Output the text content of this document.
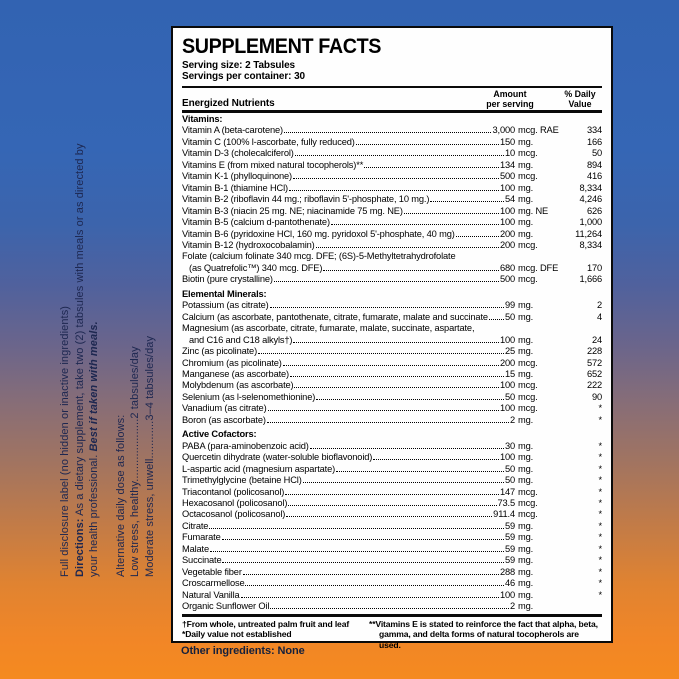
Full disclosure label (no hidden or inactive ingredients) Directions: As a dietary supplement, take two (2) tabsules with meals or as directed by your health professional. Best if taken with meals.
Alternative daily dose as follows: Low stress, healthy....................2 tabsules/day Moderate stress, unwell............3–4 tabsules/day
SUPPLEMENT FACTS
Serving size: 2 Tabsules
Servings per container: 30
Energized Nutrients
Amount
per serving
% Daily
Value
Vitamins:
Vitamin A (beta-carotene)	3,000 mcg. RAE	334
Vitamin C (100% l-ascorbate, fully reduced)	150 mg.	166
Vitamin D-3 (cholecalciferol)	10 mcg.	50
Vitamins E (from mixed natural tocopherols)**	134 mg.	894
Vitamin K-1 (phylloquinone)	500 mcg.	416
Vitamin B-1 (thiamine HCl)	100 mg.	8,334
Vitamin B-2 (riboflavin 44 mg.; riboflavin 5'-phosphate, 10 mg.)	54 mg.	4,246
Vitamin B-3 (niacin 25 mg. NE; niacinamide 75 mg. NE)	100 mg. NE	626
Vitamin B-5 (calcium d-pantothenate)	100 mg.	1,000
Vitamin B-6 (pyridoxine HCl, 160 mg. pyridoxol 5'-phosphate, 40 mg)	200 mg.	11,264
Vitamin B-12 (hydroxocobalamin)	200 mcg.	8,334
Folate (calcium folinate 340 mcg. DFE; (6S)-5-Methyltetrahydrofolate
(as Quatrefolic™) 340 mcg. DFE)	680 mcg. DFE	170
Biotin (pure crystalline)	500 mcg.	1,666
Elemental Minerals:
Potassium (as citrate)	99 mg.	2
Calcium (as ascorbate, pantothenate, citrate, fumarate, malate and succinate 50 mg.	4
Magnesium (as ascorbate, citrate, fumarate, malate, succinate, aspartate,
and C16 and C18 alkyls†)	100 mg.	24
Zinc (as picolinate)	25 mg.	228
Chromium (as picolinate)	200 mcg.	572
Manganese (as ascorbate)	15 mg.	652
Molybdenum (as ascorbate)	100 mcg.	222
Selenium (as l-selenomethionine)	50 mcg.	90
Vanadium (as citrate)	100 mcg.	*
Boron (as ascorbate)	2 mg.	*
Active Cofactors:
PABA (para-aminobenzoic acid)	30 mg.	*
Quercetin dihydrate (water-soluble bioflavonoid)	100 mg.	*
L-aspartic acid (magnesium aspartate)	50 mg.	*
Trimethylglycine (betaine HCl)	50 mg.	*
Triacontanol (policosanol)	147 mcg.	*
Hexacosanol (policosanol)	73.5 mcg.	*
Octacosanol (policosanol)	911.4 mcg.	*
Citrate	59 mg.	*
Fumarate	59 mg.	*
Malate	59 mg.	*
Succinate	59 mg.	*
Vegetable fiber	288 mg.	*
Croscarmellose	46 mg.	*
Natural Vanilla	100 mg.	*
Organic Sunflower Oil	2 mg.
†From whole, untreated palm fruit and leaf
*Daily value not established
**Vitamins E is stated to reinforce the fact that alpha, beta,
gamma, and delta forms of natural tocopherols are used.
Other ingredients: None
